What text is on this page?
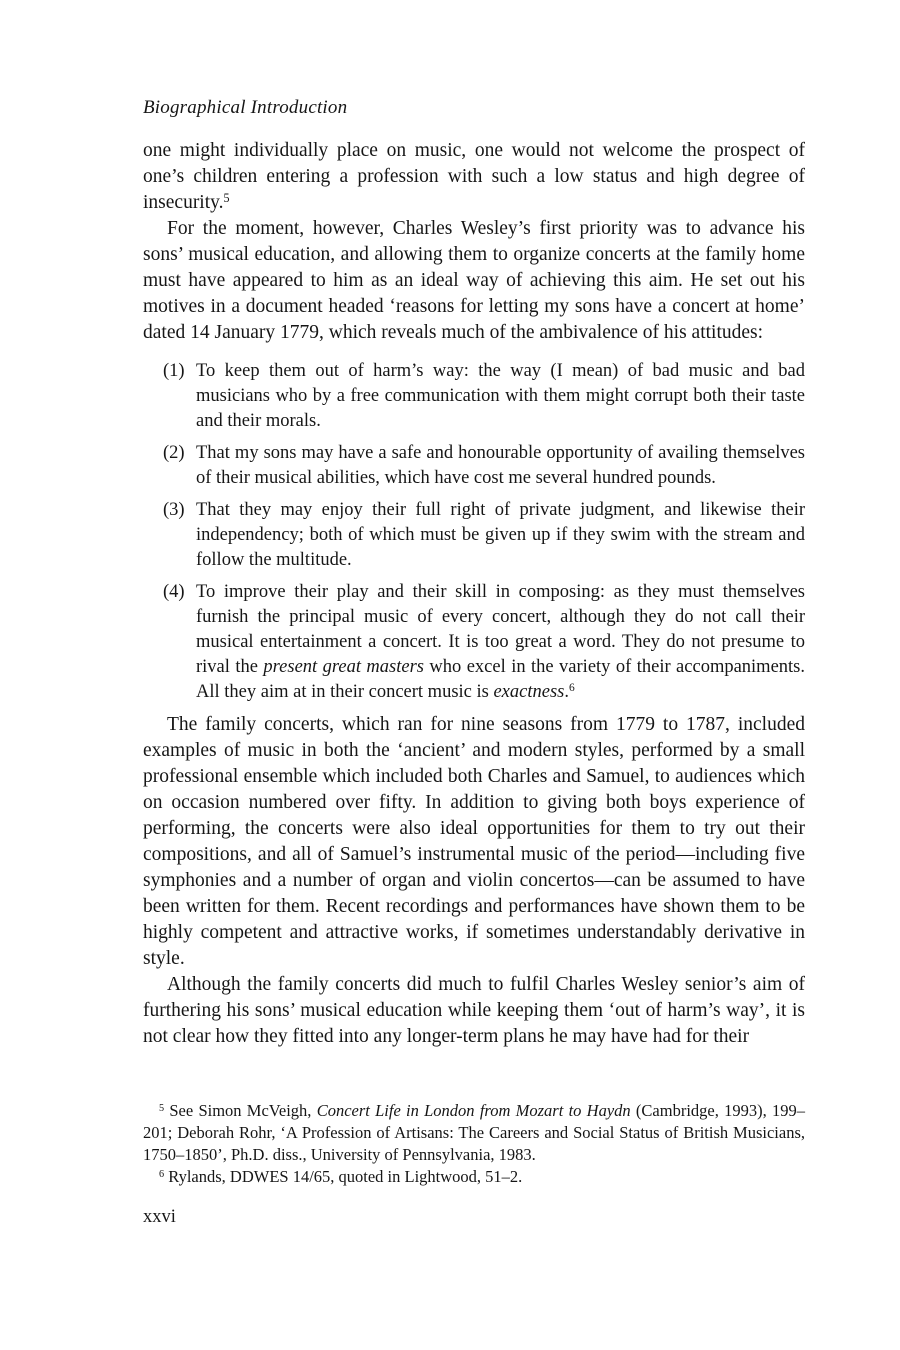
Biographical Introduction

one might individually place on music, one would not welcome the prospect of one’s children entering a profession with such a low status and high degree of insecurity.$^5$

For the moment, however, Charles Wesley’s first priority was to advance his sons’ musical education, and allowing them to organize concerts at the family home must have appeared to him as an ideal way of achieving this aim. He set out his motives in a document headed ‘reasons for letting my sons have a concert at home’ dated 14 January 1779, which reveals much of the ambivalence of his attitudes:

(1) To keep them out of harm’s way: the way (I mean) of bad music and bad musicians who by a free communication with them might corrupt both their taste and their morals.
(2) That my sons may have a safe and honourable opportunity of availing themselves of their musical abilities, which have cost me several hundred pounds.
(3) That they may enjoy their full right of private judgment, and likewise their independency; both of which must be given up if they swim with the stream and follow the multitude.
(4) To improve their play and their skill in composing: as they must themselves furnish the principal music of every concert, although they do not call their musical entertainment a concert. It is too great a word. They do not presume to rival the present great masters who excel in the variety of their accompaniments. All they aim at in their concert music is exactness.$^6$

The family concerts, which ran for nine seasons from 1779 to 1787, included examples of music in both the ‘ancient’ and modern styles, performed by a small professional ensemble which included both Charles and Samuel, to audiences which on occasion numbered over fifty. In addition to giving both boys experience of performing, the concerts were also ideal opportunities for them to try out their compositions, and all of Samuel’s instrumental music of the period—including five symphonies and a number of organ and violin concertos—can be assumed to have been written for them. Recent recordings and performances have shown them to be highly competent and attractive works, if sometimes understandably derivative in style.

Although the family concerts did much to fulfil Charles Wesley senior’s aim of furthering his sons’ musical education while keeping them ‘out of harm’s way’, it is not clear how they fitted into any longer-term plans he may have had for their

$^5$ See Simon McVeigh, Concert Life in London from Mozart to Haydn (Cambridge, 1993), 199–201; Deborah Rohr, ‘A Profession of Artisans: The Careers and Social Status of British Musicians, 1750–1850’, Ph.D. diss., University of Pennsylvania, 1983.

$^6$ Rylands, DDWES 14/65, quoted in Lightwood, 51–2.

xxvi
